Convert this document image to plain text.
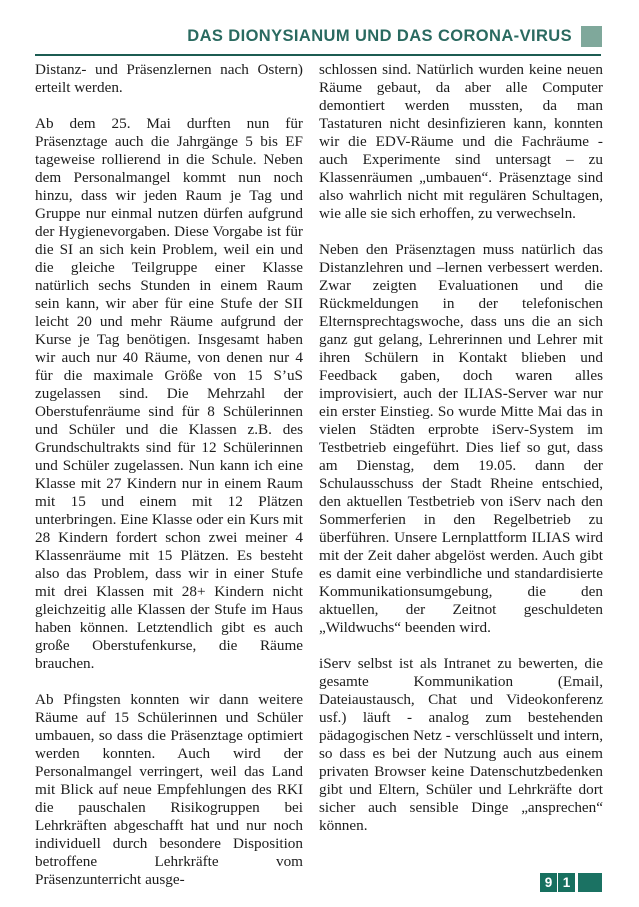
DAS DIONYSIANUM UND DAS CORONA-VIRUS

Distanz- und Präsenzlernen nach Ostern) erteilt werden.

Ab dem 25. Mai durften nun für Präsenztage auch die Jahrgänge 5 bis EF tageweise rollierend in die Schule. Neben dem Personalmangel kommt nun noch hinzu, dass wir jeden Raum je Tag und Gruppe nur einmal nutzen dürfen aufgrund der Hygienevorgaben. Diese Vorgabe ist für die SI an sich kein Problem, weil ein und die gleiche Teilgruppe einer Klasse natürlich sechs Stunden in einem Raum sein kann, wir aber für eine Stufe der SII leicht 20 und mehr Räume aufgrund der Kurse je Tag benötigen. Insgesamt haben wir auch nur 40 Räume, von denen nur 4 für die maximale Größe von 15 S’uS zugelassen sind. Die Mehrzahl der Oberstufenräume sind für 8 Schülerinnen und Schüler und die Klassen z.B. des Grundschultrakts sind für 12 Schülerinnen und Schüler zugelassen. Nun kann ich eine Klasse mit 27 Kindern nur in einem Raum mit 15 und einem mit 12 Plätzen unterbringen. Eine Klasse oder ein Kurs mit 28 Kindern fordert schon zwei meiner 4 Klassenräume mit 15 Plätzen. Es besteht also das Problem, dass wir in einer Stufe mit drei Klassen mit 28+ Kindern nicht gleichzeitig alle Klassen der Stufe im Haus haben können. Letztendlich gibt es auch große Oberstufenkurse, die Räume brauchen.

Ab Pfingsten konnten wir dann weitere Räume auf 15 Schülerinnen und Schüler umbauen, so dass die Präsenztage optimiert werden konnten. Auch wird der Personalmangel verringert, weil das Land mit Blick auf neue Empfehlungen des RKI die pauschalen Risikogruppen bei Lehrkräften abgeschafft hat und nur noch individuell durch besondere Disposition betroffene Lehrkräfte vom Präsenzunterricht ausge-

schlossen sind. Natürlich wurden keine neuen Räume gebaut, da aber alle Computer demontiert werden mussten, da man Tastaturen nicht desinfizieren kann, konnten wir die EDV-Räume und die Fachräume - auch Experimente sind untersagt – zu Klassenräumen „umbauen“. Präsenztage sind also wahrlich nicht mit regulären Schultagen, wie alle sie sich erhoffen, zu verwechseln.

Neben den Präsenztagen muss natürlich das Distanzlehren und –lernen verbessert werden. Zwar zeigten Evaluationen und die Rückmeldungen in der telefonischen Elternsprechtagswoche, dass uns die an sich ganz gut gelang, Lehrerinnen und Lehrer mit ihren Schülern in Kontakt blieben und Feedback gaben, doch waren alles improvisiert, auch der ILIAS-Server war nur ein erster Einstieg. So wurde Mitte Mai das in vielen Städten erprobte iServ-System im Testbetrieb eingeführt. Dies lief so gut, dass am Dienstag, dem 19.05. dann der Schulausschuss der Stadt Rheine entschied, den aktuellen Testbetrieb von iServ nach den Sommerferien in den Regelbetrieb zu überführen. Unsere Lernplattform ILIAS wird mit der Zeit daher abgelöst werden. Auch gibt es damit eine verbindliche und standardisierte Kommunikationsumgebung, die den aktuellen, der Zeitnot geschuldeten „Wildwuchs“ beenden wird.

iServ selbst ist als Intranet zu bewerten, die gesamte Kommunikation (Email, Dateiaustausch, Chat und Videokonferenz usf.) läuft - analog zum bestehenden pädagogischen Netz - verschlüsselt und intern, so dass es bei der Nutzung auch aus einem privaten Browser keine Datenschutzbedenken gibt und Eltern, Schüler und Lehrkräfte dort sicher auch sensible Dinge „ansprechen“ können.

9 1
